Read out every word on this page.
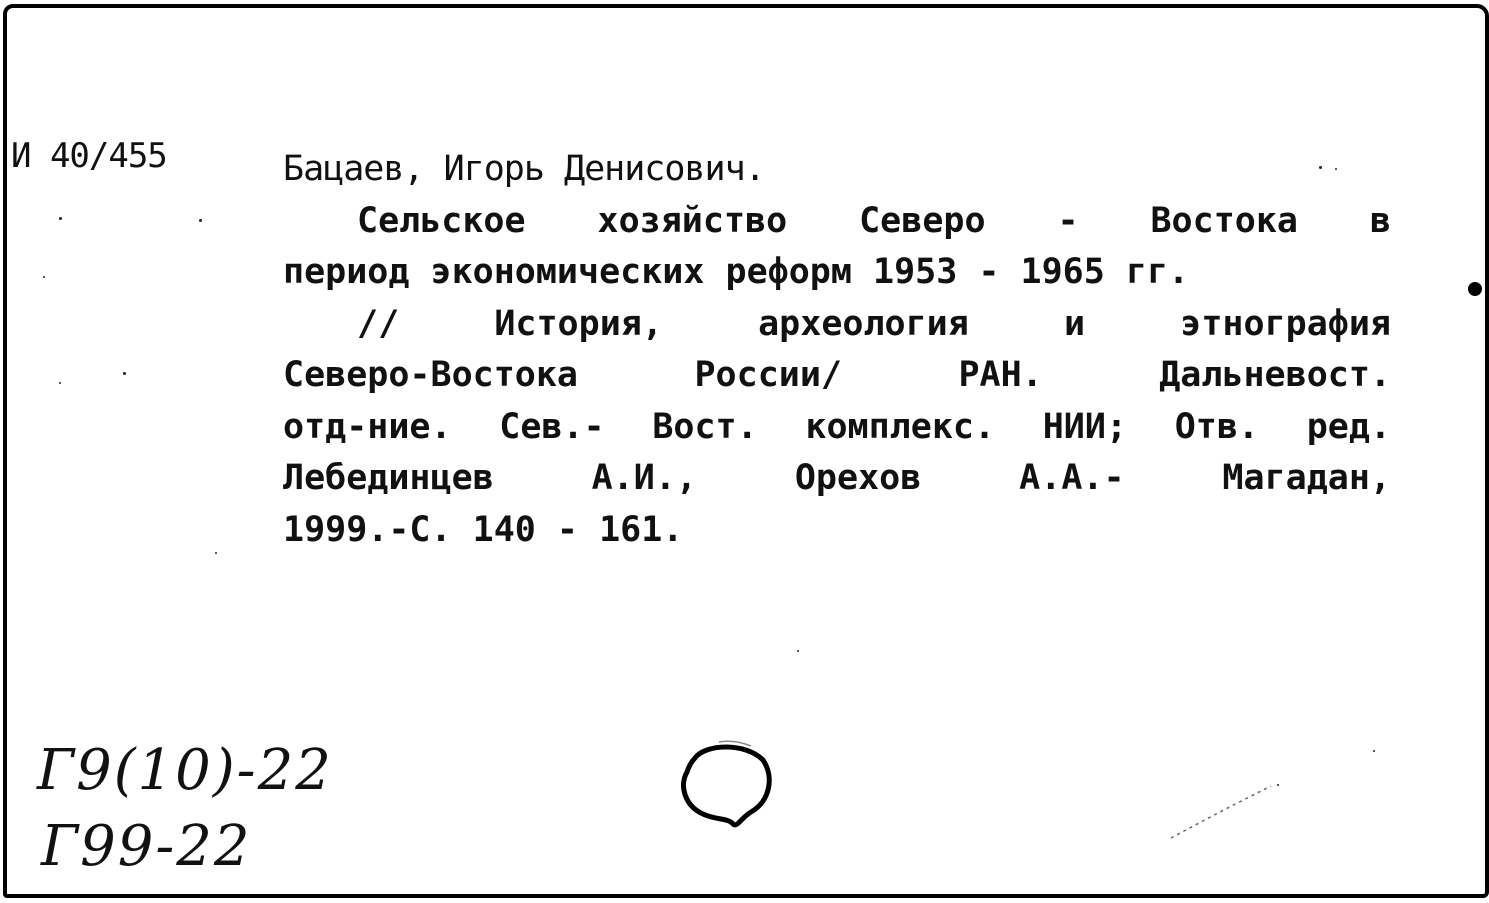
И 40/455	Бацаев, Игорь Денисович.
Сельское хозяйство Северо - Востока в
период экономических реформ 1953 - 1965 гг.
// История, археология и этнография
Северо-Востока России/ РАН. Дальневост.
отд-ние. Сев.- Вост. комплекс. НИИ; Отв. ред.
Лебединцев А.И., Орехов А.А.- Магадан,
1999.-С. 140 - 161.
Г9(10)-22
Г99-22
